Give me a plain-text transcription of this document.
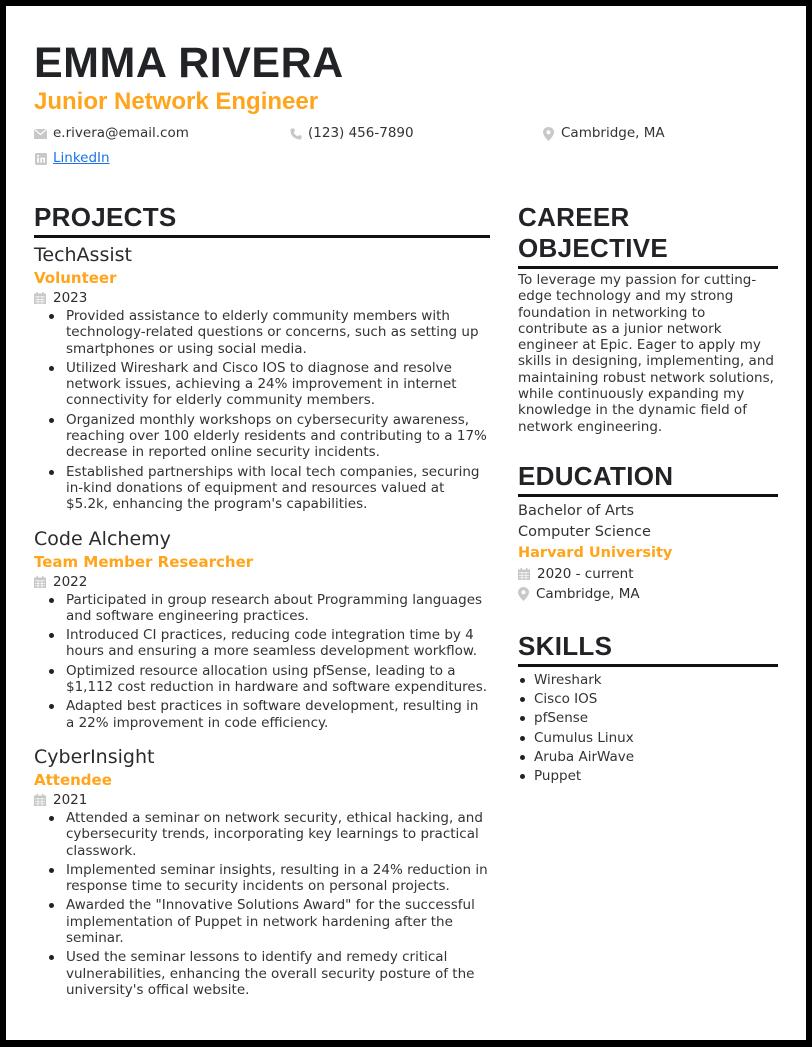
EMMA RIVERA
Junior Network Engineer
e.rivera@email.com	(123) 456-7890	Cambridge, MA
LinkedIn
PROJECTS
TechAssist
Volunteer
2023
Provided assistance to elderly community members with technology-related questions or concerns, such as setting up smartphones or using social media.
Utilized Wireshark and Cisco IOS to diagnose and resolve network issues, achieving a 24% improvement in internet connectivity for elderly community members.
Organized monthly workshops on cybersecurity awareness, reaching over 100 elderly residents and contributing to a 17% decrease in reported online security incidents.
Established partnerships with local tech companies, securing in-kind donations of equipment and resources valued at $5.2k, enhancing the program's capabilities.
Code Alchemy
Team Member Researcher
2022
Participated in group research about Programming languages and software engineering practices.
Introduced CI practices, reducing code integration time by 4 hours and ensuring a more seamless development workflow.
Optimized resource allocation using pfSense, leading to a $1,112 cost reduction in hardware and software expenditures.
Adapted best practices in software development, resulting in a 22% improvement in code efficiency.
CyberInsight
Attendee
2021
Attended a seminar on network security, ethical hacking, and cybersecurity trends, incorporating key learnings to practical classwork.
Implemented seminar insights, resulting in a 24% reduction in response time to security incidents on personal projects.
Awarded the "Innovative Solutions Award" for the successful implementation of Puppet in network hardening after the seminar.
Used the seminar lessons to identify and remedy critical vulnerabilities, enhancing the overall security posture of the university's offical website.
CAREER
OBJECTIVE
To leverage my passion for cutting-edge technology and my strong foundation in networking to contribute as a junior network engineer at Epic. Eager to apply my skills in designing, implementing, and maintaining robust network solutions, while continuously expanding my knowledge in the dynamic field of network engineering.
EDUCATION
Bachelor of Arts
Computer Science
Harvard University
2020 - current
Cambridge, MA
SKILLS
Wireshark
Cisco IOS
pfSense
Cumulus Linux
Aruba AirWave
Puppet
